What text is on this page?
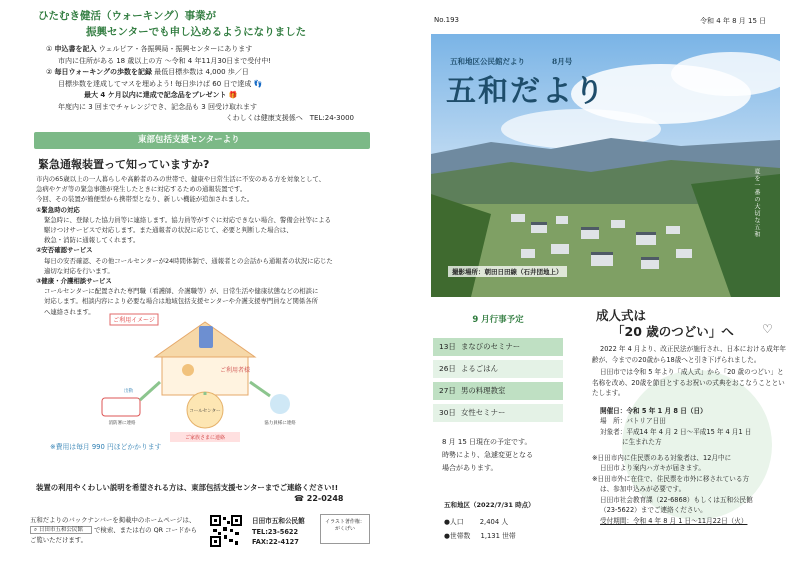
ひたむき健活（ウォーキング）事業が
振興センターでも申し込めるようになりました
① 申込書を記入 ウェルピア・各振興局・振興センターにあります
市内に住所がある 18 歳以上の方 ～令和 4 年11月30日まで受付中!
② 毎日ウォーキングの歩数を記録 最低目標歩数は 4,000 歩／日
目標歩数を達成してマスを埋めよう! 毎日歩けば 60 日で達成 👣
最大 4 ケ月以内に達成で記念品をプレゼント 🎁
年度内に 3 回までチャレンジでき、記念品も 3 回受け取れます
くわしくは健康支援係へ　TEL:24-3000
東部包括支援センターより
緊急通報装置って知っていますか?
市内の65歳以上の一人暮らしや高齢者のみの世帯で、健康や日常生活に不安のある方を対象として、
急病やケガ等の緊急事態が発生したときに対応するための通報装置です。
今回、その装置が簡便型から携帯型となり、新しい機能が追加されました。
①緊急時の対応
緊急時に、登録した協力員等に連絡します。協力員等がすぐに対応できない場合、警備会社等による
駆けつけサービスで対応します。また通報者の状況に応じて、必要と判断した場合は、
救急・消防に通報してくれます。
②安否確認サービス
毎日の安否確認、その他コールセンターが24時間体制で、通報者との会話から通報者の状況に応じた
適切な対応を行います。
③健康・介護相談サービス
コールセンターに配置された専門職（看護師、介護職等）が、日常生活や健康状態などの相談に
対応します。相談内容により必要な場合は地域包括支援センターや介護支援専門員など関係各所
へ連絡されます。
ご利用イメージ
ご利用者様
コールセンター
消防署に連絡
出動
協力員様に連絡
ご家族さまに連絡
※費用は毎月 990 円ほどかかります
装置の利用やくわしい説明を希望される方は、東部包括支援センターまでご連絡ください!!
☎ 22-0248
五和だよりのバックナンバーを掲載中のホームページは、
⌕ 日田市五和公民館 で検索、または右の QR コードから
ご覧いただけます。
日田市五和公民館
TEL:23-5622
FAX:22-4127
イラスト著作権：
がくげい
No.193	令和 4 年 8 月 15 日
五和地区公民館だより	8月号
五和だより
撮影場所：朝田日田線（石井団地上）
夏を一番の大切な五和
9 月行事予定
13日 まなびのセミナー
26日 よるごはん
27日 男の料理教室
30日 女性セミナー
8 月 15 日現在の予定です。
時勢により、急遽変更となる
場合があります。
五和地区（2022/7/31 時点）
●人口 2,404 人
●世帯数 1,131 世帯
成人式は
「20 歳のつどい」へ ♡

2022 年 4 月より、改正民法が施行され、日本における成年年齢が、今までの20歳から18歳へと引き下げられました。

日田市では令和 5 年より「成人式」から「20 歳のつどい」と名称を改め、20歳を節目とするお祝いの式典をおこなうことといたします。

開催日：令和 5 年 1 月 8 日（日）
場　所：パトリア日田
対象者：平成14 年 4 月 2 日～平成15 年 4 月1 日
に生まれた方
※日田市内に住民票のある対象者は、12月中に
日田市より案内ハガキが届きます。
※日田市外に在住で、住民票を市外に移されている方
は、参加申込みが必要です。
日田市社会教育課（22-6868）もしくは五和公民館
（23-5622）までご連絡ください。
受付期間：令和 4 年 8 月 1 日～11月22日（火）
